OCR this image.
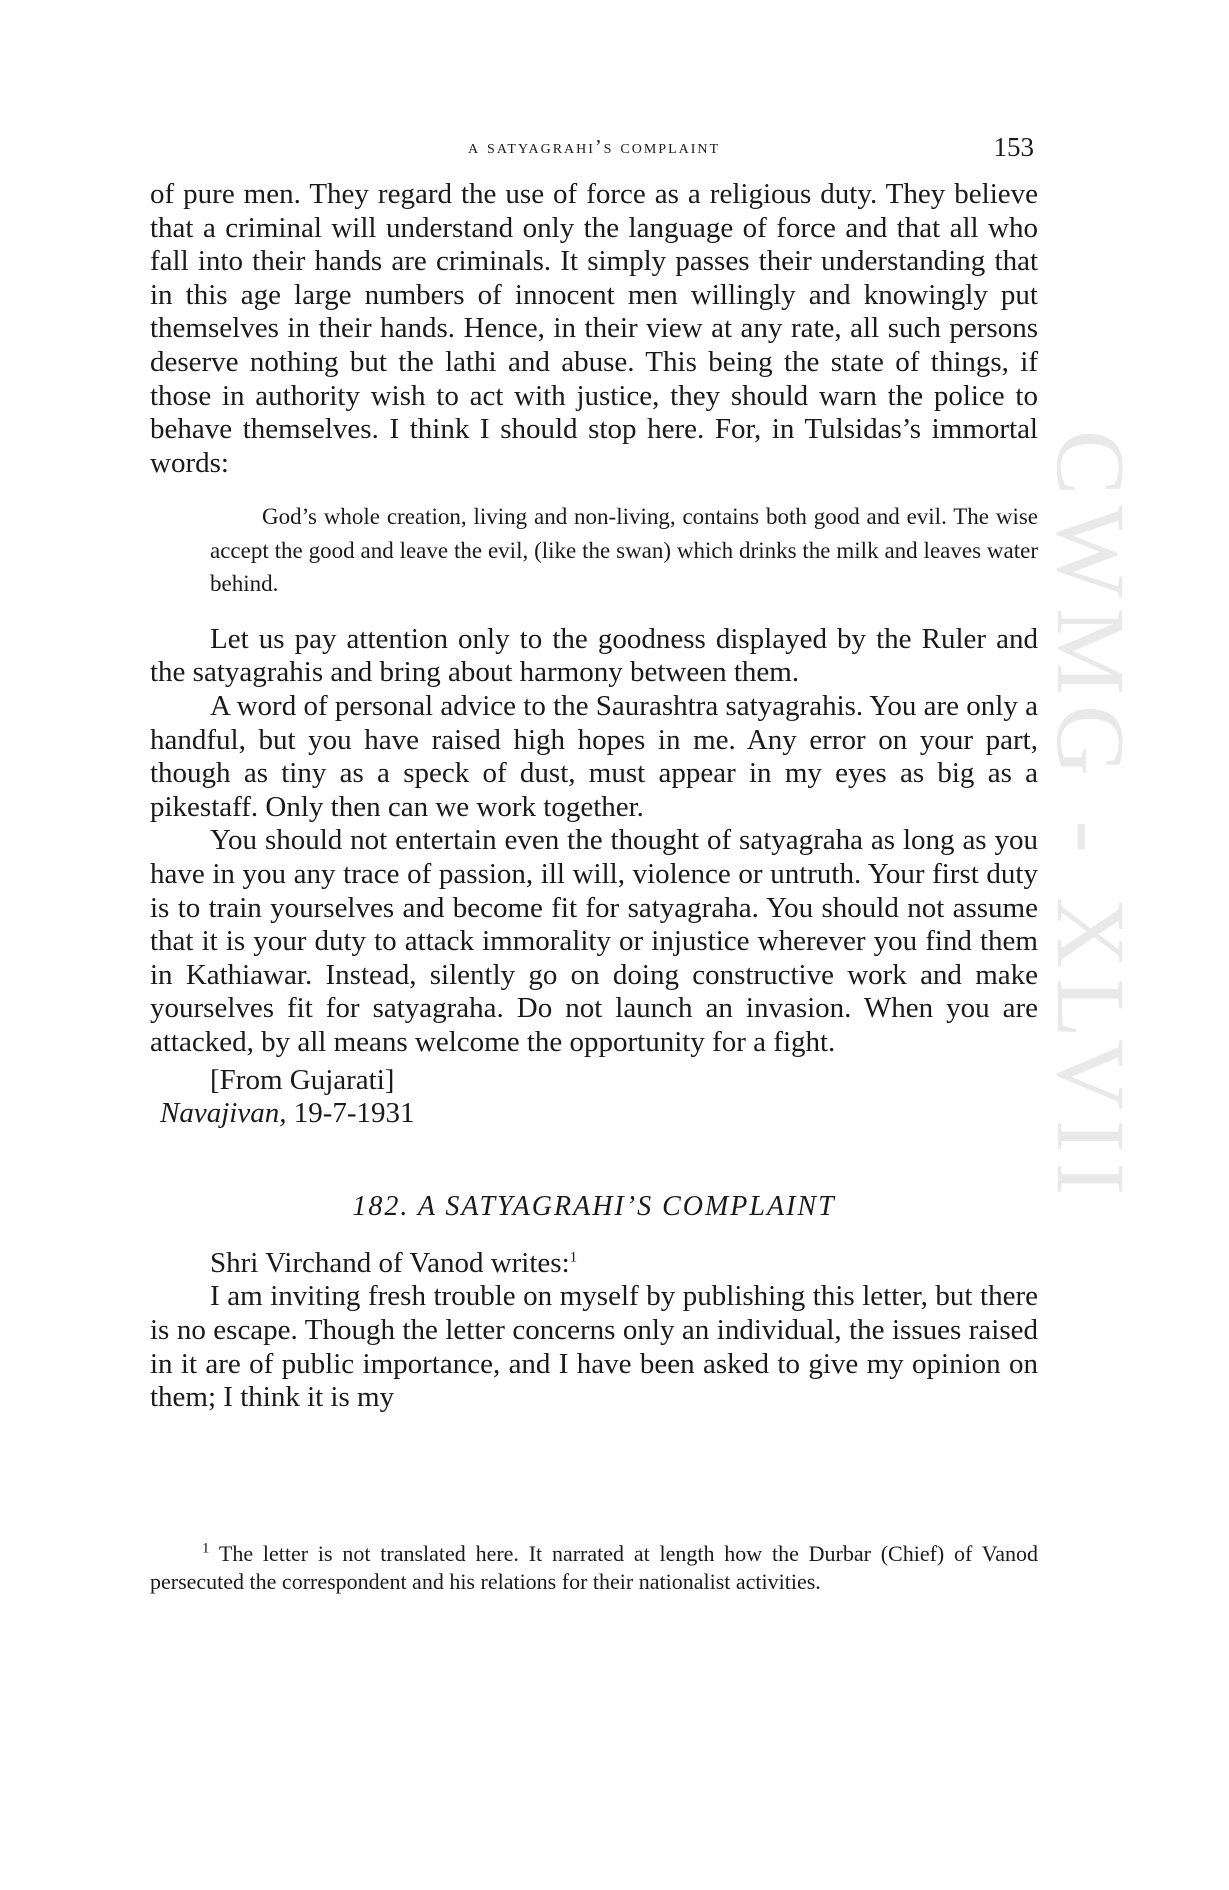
a satyagrahi’s complaint	153

of pure men. They regard the use of force as a religious duty. They believe that a criminal will understand only the language of force and that all who fall into their hands are criminals. It simply passes their understanding that in this age large numbers of innocent men willingly and knowingly put themselves in their hands. Hence, in their view at any rate, all such persons deserve nothing but the lathi and abuse. This being the state of things, if those in authority wish to act with justice, they should warn the police to behave themselves. I think I should stop here. For, in Tulsidas’s immortal words:

God’s whole creation, living and non-living, contains both good and evil. The wise accept the good and leave the evil, (like the swan) which drinks the milk and leaves water behind.

Let us pay attention only to the goodness displayed by the Ruler and the satyagrahis and bring about harmony between them.

A word of personal advice to the Saurashtra satyagrahis. You are only a handful, but you have raised high hopes in me. Any error on your part, though as tiny as a speck of dust, must appear in my eyes as big as a pikestaff. Only then can we work together.

You should not entertain even the thought of satyagraha as long as you have in you any trace of passion, ill will, violence or untruth. Your first duty is to train yourselves and become fit for satyagraha. You should not assume that it is your duty to attack immorality or injustice wherever you find them in Kathiawar. Instead, silently go on doing constructive work and make yourselves fit for satyagraha. Do not launch an invasion. When you are attacked, by all means welcome the opportunity for a fight.

[From Gujarati]

Navajivan, 19-7-1931

182. A SATYAGRAHI’S COMPLAINT

Shri Virchand of Vanod writes:$^1$

I am inviting fresh trouble on myself by publishing this letter, but there is no escape. Though the letter concerns only an individual, the issues raised in it are of public importance, and I have been asked to give my opinion on them; I think it is my

$^1$ The letter is not translated here. It narrated at length how the Durbar (Chief) of Vanod persecuted the correspondent and his relations for their nationalist activities.

CWMG - XLVII
